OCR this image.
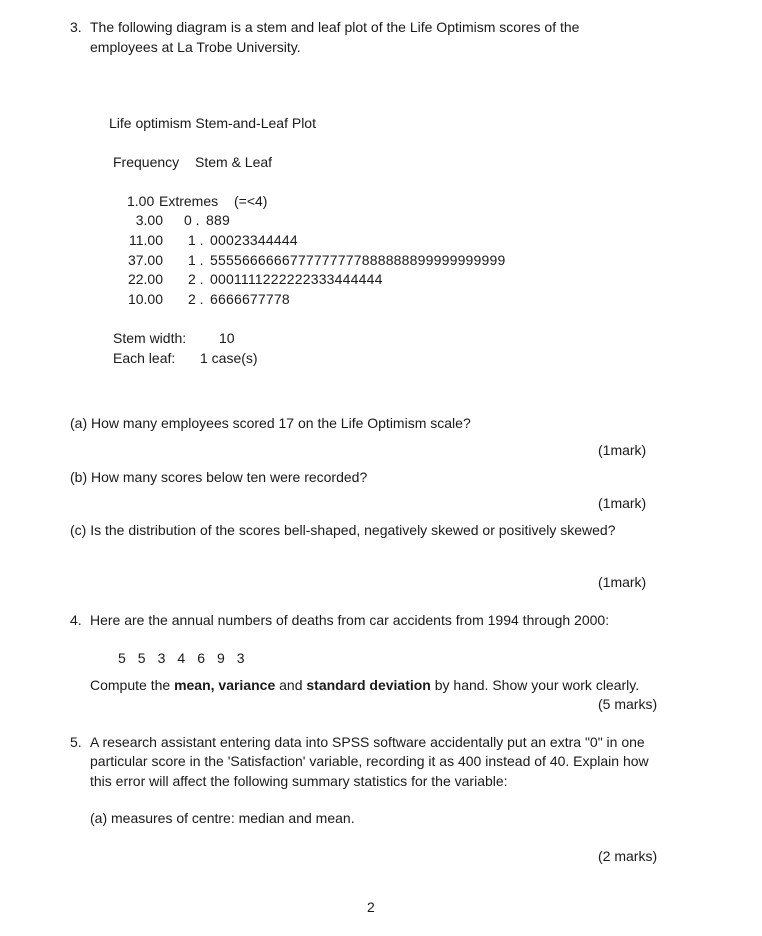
3. The following diagram is a stem and leaf plot of the Life Optimism scores of the
employees at La Trobe University.
Life optimism Stem-and-Leaf Plot
Frequency Stem & Leaf
1.00 Extremes (=<4)
3.00 0 . 889
11.00 1 . 00023344444
37.00 1 . 5555666666777777777888888899999999999
22.00 2 . 0001111222222333444444
10.00 2 . 6666677778
Stem width: 10
Each leaf: 1 case(s)
(a) How many employees scored 17 on the Life Optimism scale?
(1mark)
(b) How many scores below ten were recorded?
(1mark)
(c) Is the distribution of the scores bell-shaped, negatively skewed or positively skewed?
(1mark)
4. Here are the annual numbers of deaths from car accidents from 1994 through 2000:
5 5 3 4 6 9 3
Compute the mean, variance and standard deviation by hand. Show your work clearly.
(5 marks)
5. A research assistant entering data into SPSS software accidentally put an extra "0" in one
particular score in the 'Satisfaction' variable, recording it as 400 instead of 40. Explain how
this error will affect the following summary statistics for the variable:
(a) measures of centre: median and mean.
(2 marks)
2
